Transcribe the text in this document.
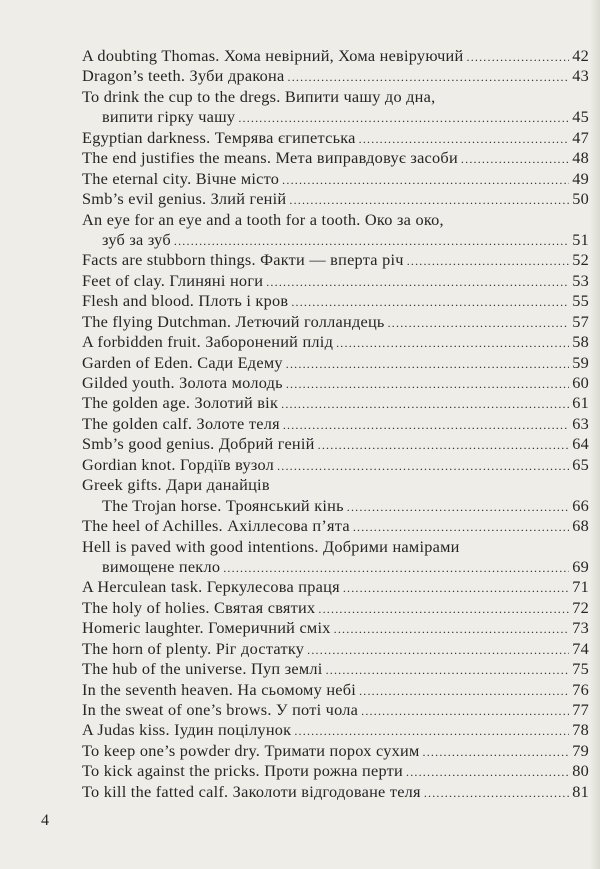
A doubting Thomas. Хома невірний, Хома невіруючий .....	42
Dragon’s teeth. Зуби дракона .....	43
To drink the cup to the dregs. Випити чашу до дна,
випити гірку чашу .....	45
Egyptian darkness. Темрява єгипетська .....	47
The end justifies the means. Мета виправдовує засоби .....	48
The eternal city. Вічне місто .....	49
Smb’s evil genius. Злий геній .....	50
An eye for an eye and a tooth for a tooth. Око за око,
зуб за зуб .....	51
Facts are stubborn things. Факти — вперта річ .....	52
Feet of clay. Глиняні ноги .....	53
Flesh and blood. Плоть і кров .....	55
The flying Dutchman. Летючий голландець .....	57
A forbidden fruit. Заборонений плід .....	58
Garden of Eden. Сади Едему .....	59
Gilded youth. Золота молодь .....	60
The golden age. Золотий вік .....	61
The golden calf. Золоте теля .....	63
Smb’s good genius. Добрий геній .....	64
Gordian knot. Гордіїв вузол .....	65
Greek gifts. Дари данайців
The Trojan horse. Троянський кінь .....	66
The heel of Achilles. Ахіллесова п’ята .....	68
Hell is paved with good intentions. Добрими намірами
вимощене пекло .....	69
A Herculean task. Геркулесова праця .....	71
The holy of holies. Святая святих .....	72
Homeric laughter. Гомеричний сміх .....	73
The horn of plenty. Ріг достатку .....	74
The hub of the universe. Пуп землі .....	75
In the seventh heaven. На сьомому небі .....	76
In the sweat of one’s brows. У поті чола .....	77
A Judas kiss. Іудин поцілунок .....	78
To keep one’s powder dry. Тримати порох сухим .....	79
To kick against the pricks. Проти рожна перти .....	80
To kill the fatted calf. Заколоти відгодоване теля .....	81
4
